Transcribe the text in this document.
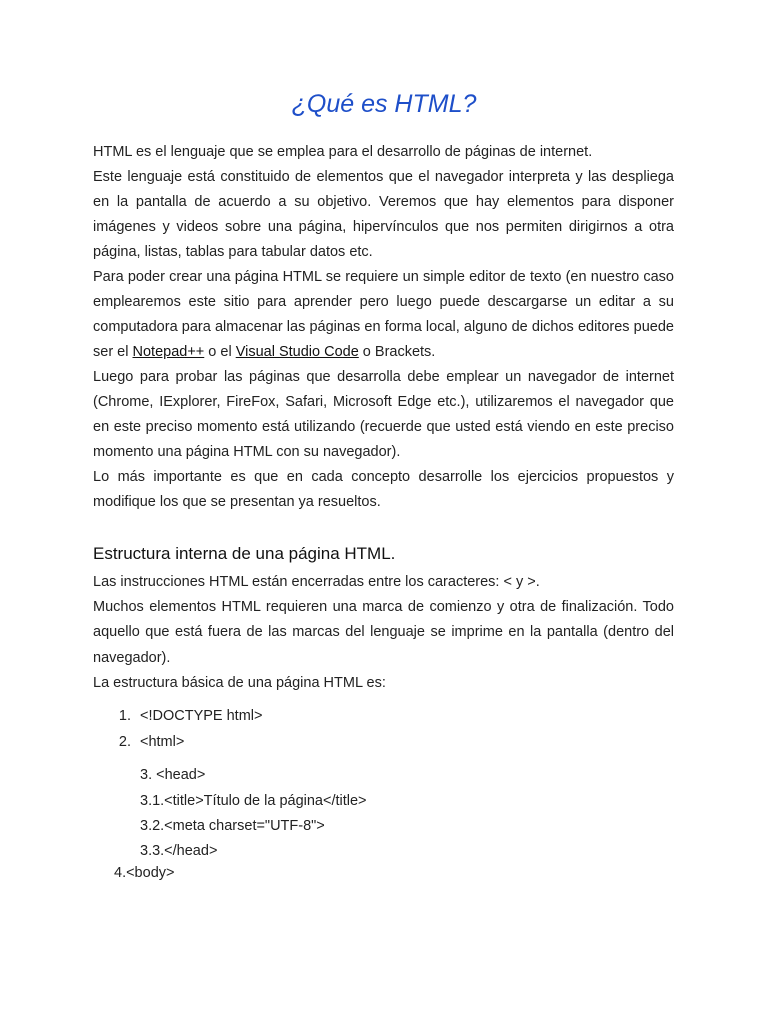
¿Qué es HTML?

HTML es el lenguaje que se emplea para el desarrollo de páginas de internet.

Este lenguaje está constituido de elementos que el navegador interpreta y las despliega en la pantalla de acuerdo a su objetivo. Veremos que hay elementos para disponer imágenes y videos sobre una página, hipervínculos que nos permiten dirigirnos a otra página, listas, tablas para tabular datos etc.

Para poder crear una página HTML se requiere un simple editor de texto (en nuestro caso emplearemos este sitio para aprender pero luego puede descargarse un editar a su computadora para almacenar las páginas en forma local, alguno de dichos editores puede ser el Notepad++ o el Visual Studio Code o Brackets.

Luego para probar las páginas que desarrolla debe emplear un navegador de internet (Chrome, IExplorer, FireFox, Safari, Microsoft Edge etc.), utilizaremos el navegador que en este preciso momento está utilizando (recuerde que usted está viendo en este preciso momento una página HTML con su navegador).

Lo más importante es que en cada concepto desarrolle los ejercicios propuestos y modifique los que se presentan ya resueltos.

Estructura interna de una página HTML.

Las instrucciones HTML están encerradas entre los caracteres: < y >.

Muchos elementos HTML requieren una marca de comienzo y otra de finalización. Todo aquello que está fuera de las marcas del lenguaje se imprime en la pantalla (dentro del navegador).

La estructura básica de una página HTML es:

1. <!DOCTYPE html>
2. <html>
3. <head>
3.1.<title>Título de la página</title>
3.2.<meta charset="UTF-8">
3.3.</head>
4.<body>
